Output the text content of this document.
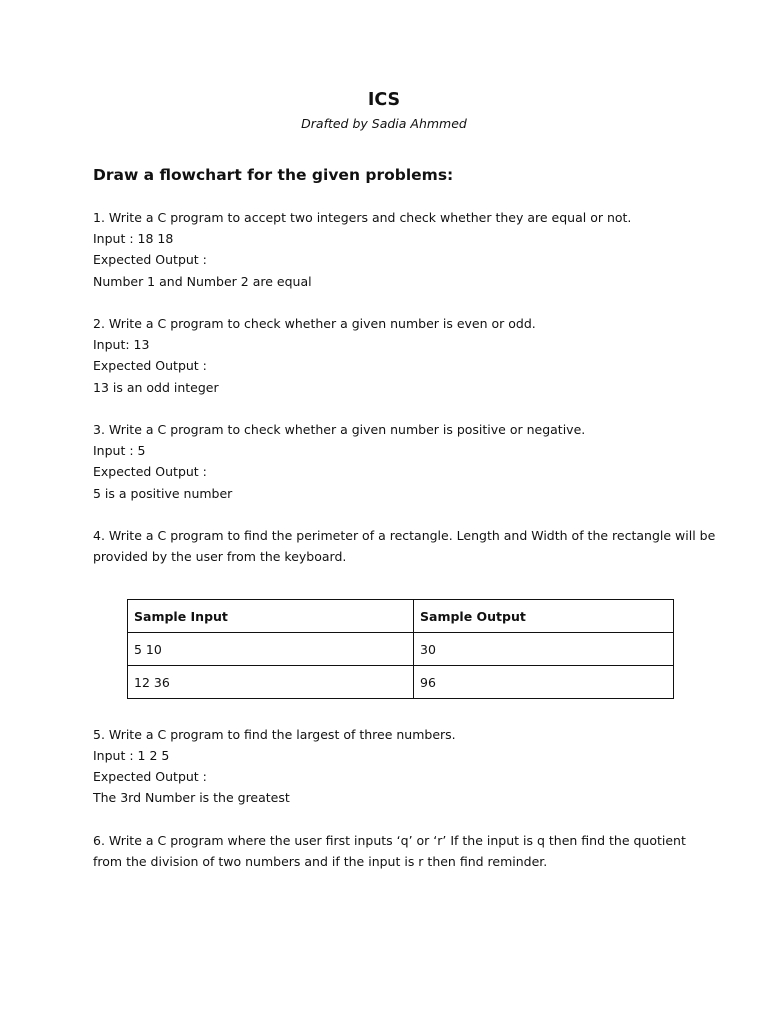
ICS
Drafted by Sadia Ahmmed
Draw a flowchart for the given problems:
1. Write a C program to accept two integers and check whether they are equal or not.
Input : 18 18
Expected Output :
Number 1 and Number 2 are equal
2. Write a C program to check whether a given number is even or odd.
Input: 13
Expected Output :
13 is an odd integer
3. Write a C program to check whether a given number is positive or negative.
Input : 5
Expected Output :
5 is a positive number
4. Write a C program to find the perimeter of a rectangle. Length and Width of the rectangle will be
provided by the user from the keyboard.
Sample Input	Sample Output
5 10	30
12 36	96
5. Write a C program to find the largest of three numbers.
Input : 1 2 5
Expected Output :
The 3rd Number is the greatest
6. Write a C program where the user first inputs ‘q’ or ‘r’ If the input is q then find the quotient
from the division of two numbers and if the input is r then find reminder.
